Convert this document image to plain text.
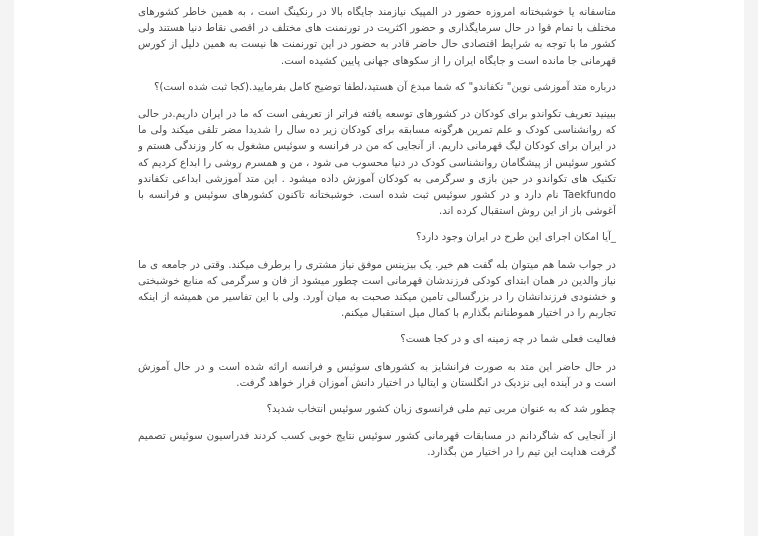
متاسفانه یا خوشبختانه امروزه حضور در المپیک نیازمند جایگاه بالا در رنکینگ است ، به همین خاطر کشورهای مختلف با تمام قوا در حال سرمایگذاری و حضور اکثریت در تورنمنت های مختلف در اقصی نقاط دنیا هستند ولی کشور ما با توجه به شرایط اقتصادی حال حاضر قادر به حضور در این تورنمنت ها نیست به همین دلیل از کورس قهرمانی جا مانده است و جایگاه ایران را از سکوهای جهانی پایین کشیده است.

درباره متد آموزشی نوین" تکفاندو" که شما مبدع آن هستید،لطفا توضیح کامل بفرمایید.(کجا ثبت شده است)؟

ببینید تعریف تکواندو برای کودکان در کشورهای توسعه یافته فراتر از تعریفی است که ما در ایران داریم.در حالی که روانشناسی کودک و علم تمرین هرگونه مسابقه برای کودکان زیر ده سال را شدیدا مضر تلقی میکند ولی ما در ایران برای کودکان لیگ قهرمانی داریم. از آنجایی که من در فرانسه و سوئیس مشغول به کار وزندگی هستم و کشور سوئیس از پیشگامان روانشناسی کودک در دنیا محسوب می شود ، من و همسرم روشی را ابداع کردیم که تکنیک های تکواندو در حین بازی و سرگرمی به کودکان آموزش داده میشود . این متد آموزشی ابداعی تکفاندو Taekfundo نام دارد و در کشور سوئیس ثبت شده است. خوشبختانه تاکنون کشورهای سوئیس و فرانسه با آغوشی باز از این روش استقبال کرده اند.

_آیا امکان اجرای این طرح در ایران وجود دارد؟

در جواب شما هم میتوان بله گفت هم خیر. یک بیزینس موفق نیاز مشتری را برطرف میکند. وقتی در جامعه ی ما نیاز والدین در همان ابتدای کودکی فرزندشان قهرمانی است چطور میشود از فان و سرگرمی که منابع خوشبختی و خشنودی فرزندانشان را در بزرگسالی تامین میکند صحبت به میان آورد. ولی با این تفاسیر من همیشه از اینکه تجاربم را در اختیار هموطنانم بگذارم با کمال میل استقبال میکنم.

فعالیت فعلی شما در چه زمینه ای و در کجا هست؟

در حال حاضر این متد به صورت فرانشایز به کشورهای سوئیس و فرانسه ارائه شده است و در حال آموزش است و در آینده ایی نزدیک در انگلستان و ایتالیا در اختیار دانش آموزان قرار خواهد گرفت.

چطور شد که به عنوان مربی تیم ملی فرانسوی زبان کشور سوئیس انتخاب شدید؟

از آنجایی که شاگردانم در مسابقات قهرمانی کشور سوئیس نتایج خوبی کسب کردند فدراسیون سوئیس تصمیم گرفت هدایت این تیم را در اختیار من بگذارد.
